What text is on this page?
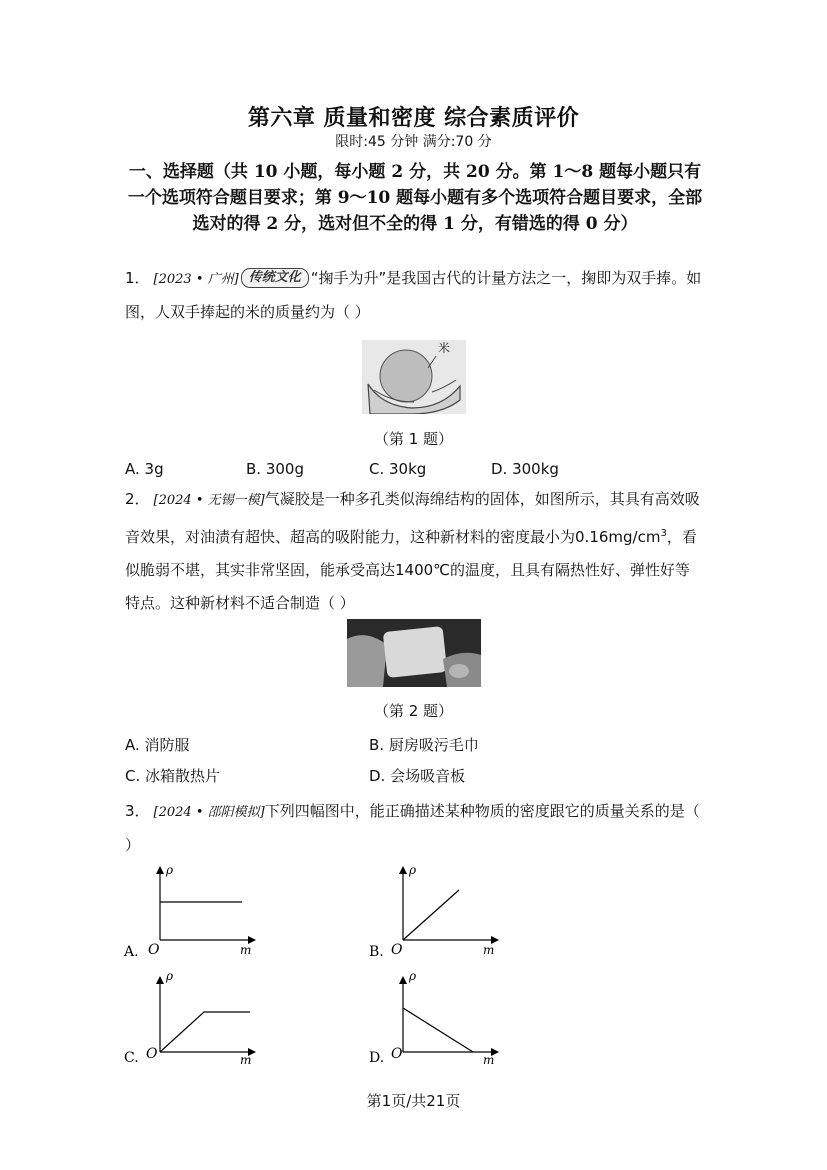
第六章 质量和密度 综合素质评价
限时:45 分钟 满分:70 分
一、选择题（共 10 小题，每小题 2 分，共 20 分。第 1～8 题每小题只有一个选项符合题目要求；第 9～10 题每小题有多个选项符合题目要求，全部选对的得 2 分，选对但不全的得 1 分，有错选的得 0 分）
1． [2023 • 广州] 传统文化 “掬手为升”是我国古代的计量方法之一，掬即为双手捧。如图，人双手捧起的米的质量约为（ ）
米
（第 1 题）
A. 3g	B. 300g	C. 30kg	D. 300kg
2． [2024 • 无锡一模]气凝胶是一种多孔类似海绵结构的固体，如图所示，其具有高效吸音效果，对油渍有超快、超高的吸附能力，这种新材料的密度最小为$0.16mg/cm^3$，看似脆弱不堪，其实非常坚固，能承受高达1400℃的温度，且具有隔热性好、弹性好等特点。这种新材料不适合制造（ ）
（第 2 题）
A. 消防服	B. 厨房吸污毛巾
C. 冰箱散热片	D. 会场吸音板
3． [2024 • 邵阳模拟]下列四幅图中，能正确描述某种物质的密度跟它的质量关系的是（ ）
A. O
ρ
m	B. O
ρ
m
C. O
ρ
m	D. O
ρ
m
第1页/共21页
